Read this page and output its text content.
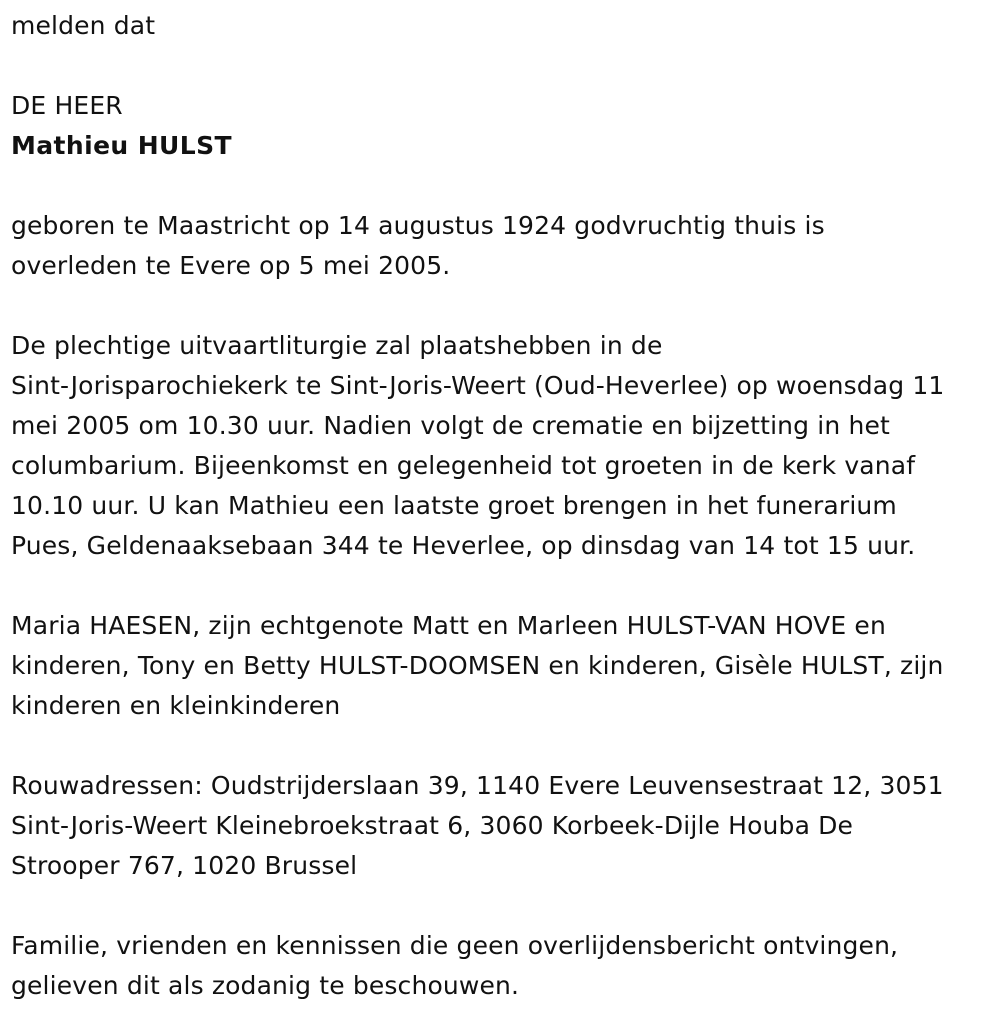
melden dat

DE HEER

Mathieu HULST

geboren te Maastricht op 14 augustus 1924 godvruchtig thuis is

overleden te Evere op 5 mei 2005.

De plechtige uitvaartliturgie zal plaatshebben in de

Sint-Jorisparochiekerk te Sint-Joris-Weert (Oud-Heverlee) op woensdag 11

mei 2005 om 10.30 uur. Nadien volgt de crematie en bijzetting in het

columbarium. Bijeenkomst en gelegenheid tot groeten in de kerk vanaf

10.10 uur. U kan Mathieu een laatste groet brengen in het funerarium

Pues, Geldenaaksebaan 344 te Heverlee, op dinsdag van 14 tot 15 uur.

Maria HAESEN, zijn echtgenote Matt en Marleen HULST-VAN HOVE en

kinderen, Tony en Betty HULST-DOOMSEN en kinderen, Gisèle HULST, zijn

kinderen en kleinkinderen

Rouwadressen: Oudstrijderslaan 39, 1140 Evere Leuvensestraat 12, 3051

Sint-Joris-Weert Kleinebroekstraat 6, 3060 Korbeek-Dijle Houba De

Strooper 767, 1020 Brussel

Familie, vrienden en kennissen die geen overlijdensbericht ontvingen,

gelieven dit als zodanig te beschouwen.
